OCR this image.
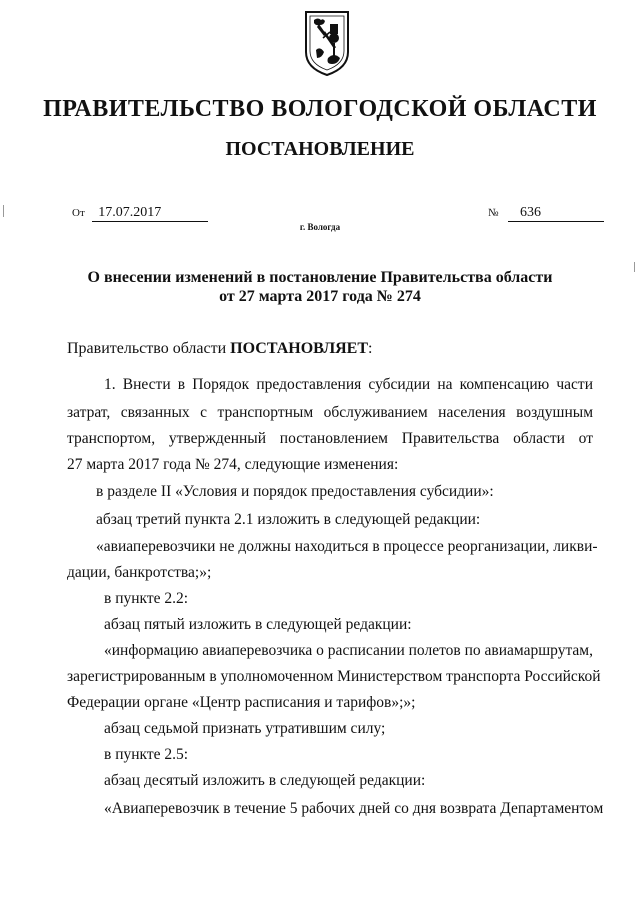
ПРАВИТЕЛЬСТВО ВОЛОГОДСКОЙ ОБЛАСТИ
ПОСТАНОВЛЕНИЕ
От 17.07.2017	№ 636
г. Вологда
О внесении изменений в постановление Правительства области
от 27 марта 2017 года № 274
Правительство области ПОСТАНОВЛЯЕТ:
1. Внести в Порядок предоставления субсидии на компенсацию части
затрат, связанных с транспортным обслуживанием населения воздушным
транспортом, утвержденный постановлением Правительства области от
27 марта 2017 года № 274, следующие изменения:
в разделе II «Условия и порядок предоставления субсидии»:
абзац третий пункта 2.1 изложить в следующей редакции:
«авиаперевозчики не должны находиться в процессе реорганизации, ликви-
дации, банкротства;»;
в пункте 2.2:
абзац пятый изложить в следующей редакции:
«информацию авиаперевозчика о расписании полетов по авиамаршрутам,
зарегистрированным в уполномоченном Министерством транспорта Российской
Федерации органе «Центр расписания и тарифов»;»;
абзац седьмой признать утратившим силу;
в пункте 2.5:
абзац десятый изложить в следующей редакции:
«Авиаперевозчик в течение 5 рабочих дней со дня возврата Департаментом
